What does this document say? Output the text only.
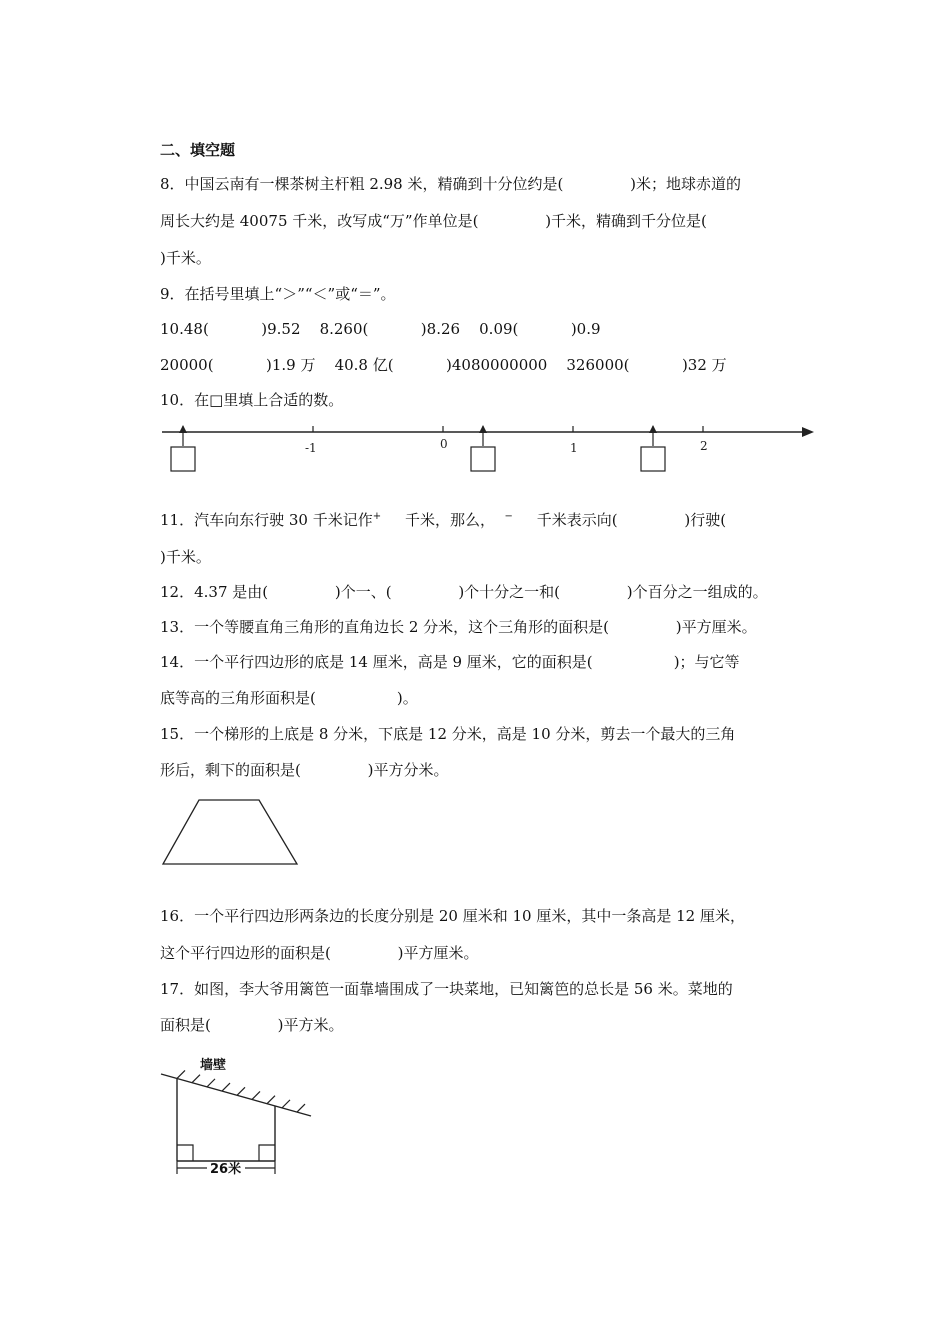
二、填空题
8．中国云南有一棵茶树主杆粗 2.98 米，精确到十分位约是(              )米；地球赤道的
周长大约是 40075 千米，改写成“万”作单位是(              )千米，精确到千分位是(
)千米。
9．在括号里填上“＞”“＜”或“＝”。
10.48(           )9.52    8.260(           )8.26    0.09(           )0.9
20000(           )1.9 万    40.8 亿(           )4080000000    326000(           )32 万
10．在□里填上合适的数。
-1	0	1	2
11．汽车向东行驶 30 千米记作+ 千米，那么， − 千米表示向(              )行驶(
)千米。
12．4.37 是由(              )个一、(              )个十分之一和(              )个百分之一组成的。
13．一个等腰直角三角形的直角边长 2 分米，这个三角形的面积是(              )平方厘米。
14．一个平行四边形的底是 14 厘米，高是 9 厘米，它的面积是(                 )；与它等
底等高的三角形面积是(                 )。
15．一个梯形的上底是 8 分米，下底是 12 分米，高是 10 分米，剪去一个最大的三角
形后，剩下的面积是(              )平方分米。
16．一个平行四边形两条边的长度分别是 20 厘米和 10 厘米，其中一条高是 12 厘米，
这个平行四边形的面积是(              )平方厘米。
17．如图，李大爷用篱笆一面靠墙围成了一块菜地，已知篱笆的总长是 56 米。菜地的
面积是(              )平方米。
墙壁
26米
